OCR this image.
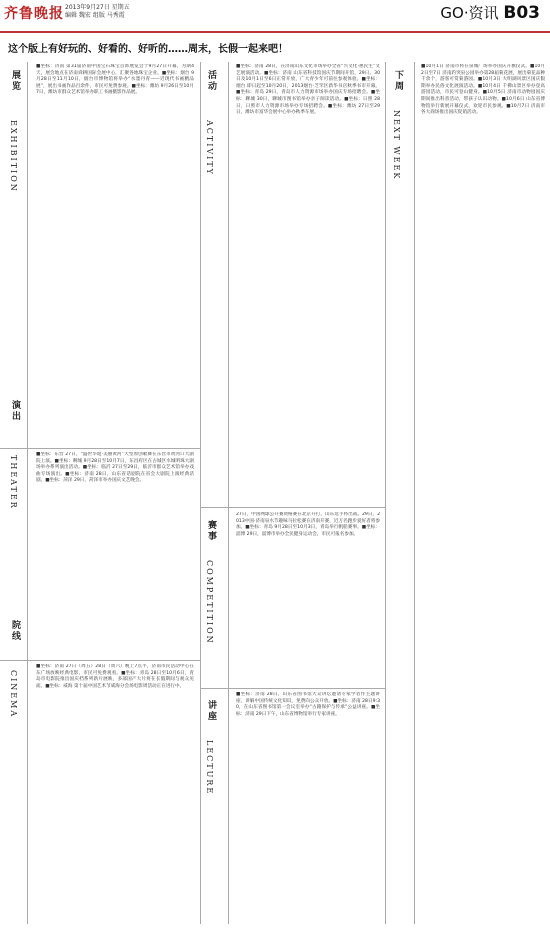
齐鲁晚报 2013年9月27日 星期五
编辑 魏宏 组版 马秀霞	GO·资讯 B03
这个版上有好玩的、好看的、好听的……周末，长假一起来吧！
展览
EXHIBITION
演出
THEATER
院线
CINEMA
活动
ACTIVITY
赛事
COMPETITION
讲座
LECTURE
下周
NEXT WEEK
■坐标：济南 第31届济南中国宝石珠宝首饰展览会于9月27日开幕，为期4天，展会地点在济南舜耕国际会展中心，汇聚各地珠宝企业。■坐标：烟台 9月28日至11月10日，烟台市博物馆将举办“水墨丹青——近现代书画精品展”，展出书画作品百余件，市民可免费参观。■坐标：潍坊 9月26日至10月7日，潍坊市群众艺术馆举办职工书画摄影作品展。
■坐标：东营 27日，“盛世华诞·美丽黄河”大型原创歌舞在东营市黄河口大剧院上演。■坐标：聊城 9月28日至10月7日，东昌府区在古城区水城明珠大剧场举办系列演出活动。■坐标：临沂 27日至29日，临沂市群众艺术馆举办戏曲专场演出。■坐标：济南 28日，山东省话剧院在省会大剧院上演经典话剧。■坐标：菏泽 29日，菏泽市举办国庆文艺晚会。
■坐标：济南 27日（周五）28日（周六）晚上7点半，济南市民活动中心在东广场放映经典电影，市民可免费观看。■坐标：青岛 28日至10月6日，青岛市电影院推出国庆档系列新片展映，多部国产大片将在长假期间与观众见面。■坐标：威海 第十届中国艺术节威海分会场电影周活动正在进行中。
■坐标：济南 28日，在济南山东文化市场举办全省“兴文化·惠民生”文艺展演活动。■坐标：济南 山东省科技馆国庆节期间开馆，29日、30日及10月1日至6日正常开放，广大青少年可前往参观体验。■坐标：烟台 即日起至10月20日，2013烟台·芝罘区新华书店秋季书市开幕。■坐标：青岛 29日，青岛市人力资源市场举办国庆专场招聘会。■坐标：聊城 30日，聊城市图书馆举办亲子阅读活动。■坐标：日照 28日，日照市人力资源市场举办专场招聘会。■坐标：潍坊 27日至29日，潍坊市富华会展中心举办秋季车展。
27日，中国网球公开赛资格赛在北京开打，山东选手将出战。29日，2013中国·济南泉水节趣味马拉松赛在济南开赛，近万名跑步爱好者将参加。■坐标：青岛 9月28日至10月3日，青岛举行帆船赛事。■坐标：淄博 29日，淄博市举办全民健身运动会，市民可报名参加。
■坐标：济南 28日，山东省图书馆大众讲坛邀请专家学者作主题讲座，讲解中国传统文化知识，免费向公众开放。■坐标：济南 28日9:30，在山东省图书馆第一会议室举办“古籍保护与传承”公益讲座。■坐标：济南 29日下午，山东省博物馆举行专家讲座。
■10月1日 济南市将在泉城广场举办国庆升旗仪式。■10月2日至7日 济南趵突泉公园举办第28届菊花展，展出菊花品种千余个，游客可赏菊游园。■10月3日 大明湖风景区国庆假期举办民俗文化展演活动。■10月4日 千佛山景区举办登高游园活动，市民可登山健身。■10月5日 济南市动物园国庆期间推出科普活动，带孩子认识动物。■10月6日 山东省博物馆举行新展开幕仪式，欢迎市民参观。■10月7日 济南市各大商场推出国庆促销活动。
